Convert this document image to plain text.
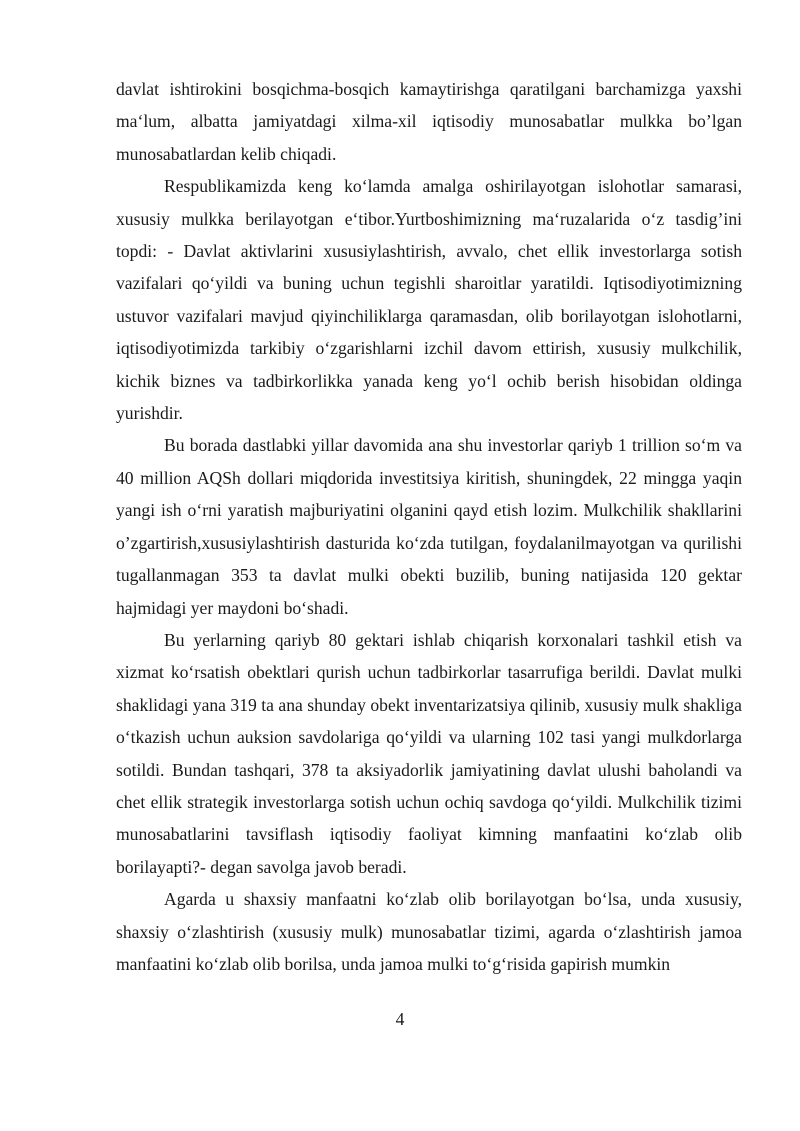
davlat ishtirokini bosqichma-bosqich kamaytirishga qaratilgani barchamizga yaxshi maʻlum, albatta jamiyatdagi xilma-xil iqtisodiy munosabatlar mulkka bo’lgan munosabatlardan kelib chiqadi.

Respublikamizda keng koʻlamda amalga oshirilayotgan islohotlar samarasi, xususiy mulkka berilayotgan eʻtibor.Yurtboshimizning maʻruzalarida oʻz tasdig’ini topdi: - Davlat aktivlarini xususiylashtirish, avvalo, chet ellik investorlarga sotish vazifalari qoʻyildi va buning uchun tegishli sharoitlar yaratildi. Iqtisodiyotimizning ustuvor vazifalari mavjud qiyinchiliklarga qaramasdan, olib borilayotgan islohotlarni, iqtisodiyotimizda tarkibiy oʻzgarishlarni izchil davom ettirish, xususiy mulkchilik, kichik biznes va tadbirkorlikka yanada keng yoʻl ochib berish hisobidan oldinga yurishdir.

Bu borada dastlabki yillar davomida ana shu investorlar qariyb 1 trillion soʻm va 40 million AQSh dollari miqdorida investitsiya kiritish, shuningdek, 22 mingga yaqin yangi ish oʻrni yaratish majburiyatini olganini qayd etish lozim. Mulkchilik shakllarini o’zgartirish,xususiylashtirish dasturida koʻzda tutilgan, foydalanilmayotgan va qurilishi tugallanmagan 353 ta davlat mulki obekti buzilib, buning natijasida 120 gektar hajmidagi yer maydoni boʻshadi.

Bu yerlarning qariyb 80 gektari ishlab chiqarish korxonalari tashkil etish va xizmat koʻrsatish obektlari qurish uchun tadbirkorlar tasarrufiga berildi. Davlat mulki shaklidagi yana 319 ta ana shunday obekt inventarizatsiya qilinib, xususiy mulk shakliga oʻtkazish uchun auksion savdolariga qoʻyildi va ularning 102 tasi yangi mulkdorlarga sotildi. Bundan tashqari, 378 ta aksiyadorlik jamiyatining davlat ulushi baholandi va chet ellik strategik investorlarga sotish uchun ochiq savdoga qoʻyildi. Mulkchilik tizimi munosabatlarini tavsiflash iqtisodiy faoliyat kimning manfaatini koʻzlab olib borilayapti?- degan savolga javob beradi.

Agarda u shaxsiy manfaatni koʻzlab olib borilayotgan boʻlsa, unda xususiy, shaxsiy oʻzlashtirish (xususiy mulk) munosabatlar tizimi, agarda oʻzlashtirish jamoa manfaatini koʻzlab olib borilsa, unda jamoa mulki toʻgʻrisida gapirish mumkin

4
